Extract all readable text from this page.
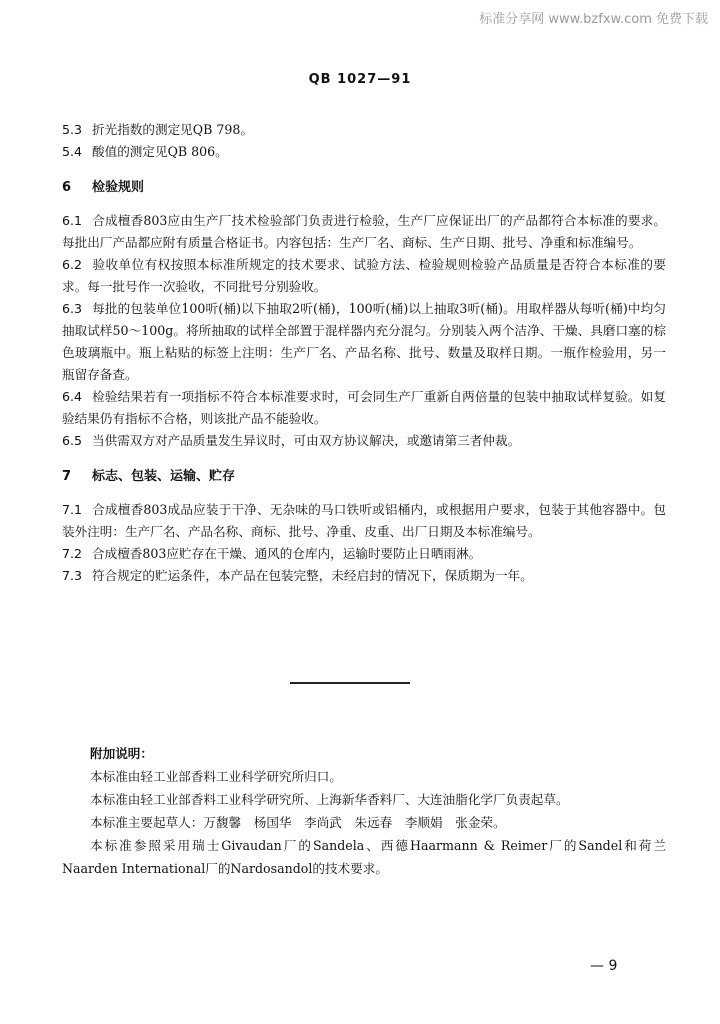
标准分享网 www.bzfxw.com 免费下载
QB 1027—91

5.3 折光指数的测定见QB 798。

5.4 酸值的测定见QB 806。

6 检验规则

6.1 合成檀香803应由生产厂技术检验部门负责进行检验，生产厂应保证出厂的产品都符合本标准的要求。每批出厂产品都应附有质量合格证书。内容包括：生产厂名、商标、生产日期、批号、净重和标准编号。

6.2 验收单位有权按照本标准所规定的技术要求、试验方法、检验规则检验产品质量是否符合本标准的要求。每一批号作一次验收，不同批号分别验收。

6.3 每批的包装单位100听(桶)以下抽取2听(桶)，100听(桶)以上抽取3听(桶)。用取样器从每听(桶)中均匀抽取试样50～100g。将所抽取的试样全部置于混样器内充分混匀。分别装入两个洁净、干燥、具磨口塞的棕色玻璃瓶中。瓶上粘贴的标签上注明：生产厂名、产品名称、批号、数量及取样日期。一瓶作检验用，另一瓶留存备查。

6.4 检验结果若有一项指标不符合本标准要求时，可会同生产厂重新自两倍量的包装中抽取试样复验。如复验结果仍有指标不合格，则该批产品不能验收。

6.5 当供需双方对产品质量发生异议时，可由双方协议解决，或邀请第三者仲裁。

7 标志、包装、运输、贮存

7.1 合成檀香803成品应装于干净、无杂味的马口铁听或铝桶内，或根据用户要求，包装于其他容器中。包装外注明：生产厂名、产品名称、商标、批号、净重、皮重、出厂日期及本标准编号。

7.2 合成檀香803应贮存在干燥、通风的仓库内，运输时要防止日晒雨淋。

7.3 符合规定的贮运条件，本产品在包装完整，未经启封的情况下，保质期为一年。

附加说明：

本标准由轻工业部香料工业科学研究所归口。

本标准由轻工业部香料工业科学研究所、上海新华香料厂、大连油脂化学厂负责起草。

本标准主要起草人：万馥馨　杨国华　李尚武　朱远春　李顺娟　张金荣。

本标准参照采用瑞士Givaudan厂的Sandela、西德Haarmann & Reimer厂的Sandel和荷兰Naarden International厂的Nardosandol的技术要求。

— 9
